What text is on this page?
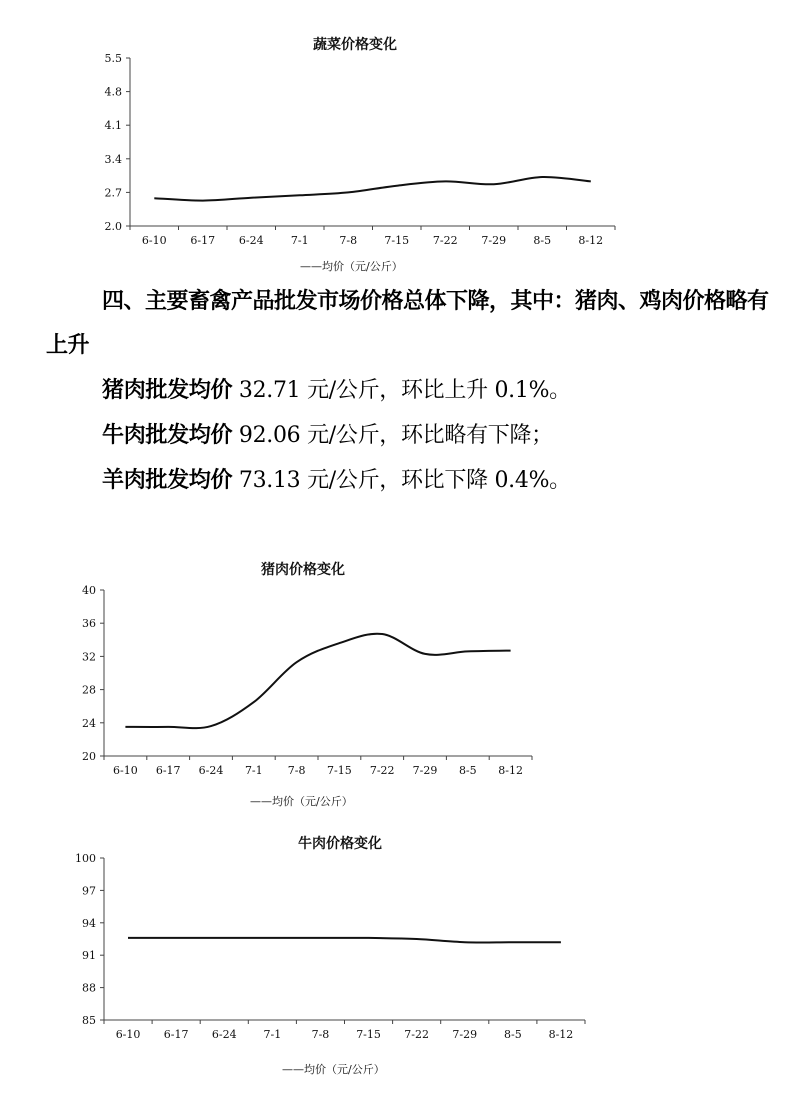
蔬菜价格变化
5.5
4.8
4.1
3.4
2.7
2.0
6-10 6-17 6-24 7-1	7-8 7-15 7-22 7-29 8-5 8-12
——均价（元/公斤）

四、主要畜禽产品批发市场价格总体下降，其中：猪肉、鸡肉价格略有上升

猪肉批发均价 32.71 元/公斤，环比上升 0.1%。

牛肉批发均价 92.06 元/公斤，环比略有下降；

羊肉批发均价 73.13 元/公斤，环比下降 0.4%。

猪肉价格变化
40
36
32
28
24
20
6-10 6-17 6-24 7-1 7-8 7-15 7-22 7-29 8-5 8-12
——均价（元/公斤）
牛肉价格变化
100
97
94
91
88
85
6-10 6-17 6-24 7-1	7-8 7-15 7-22 7-29 8-5 8-12
——均价（元/公斤）
